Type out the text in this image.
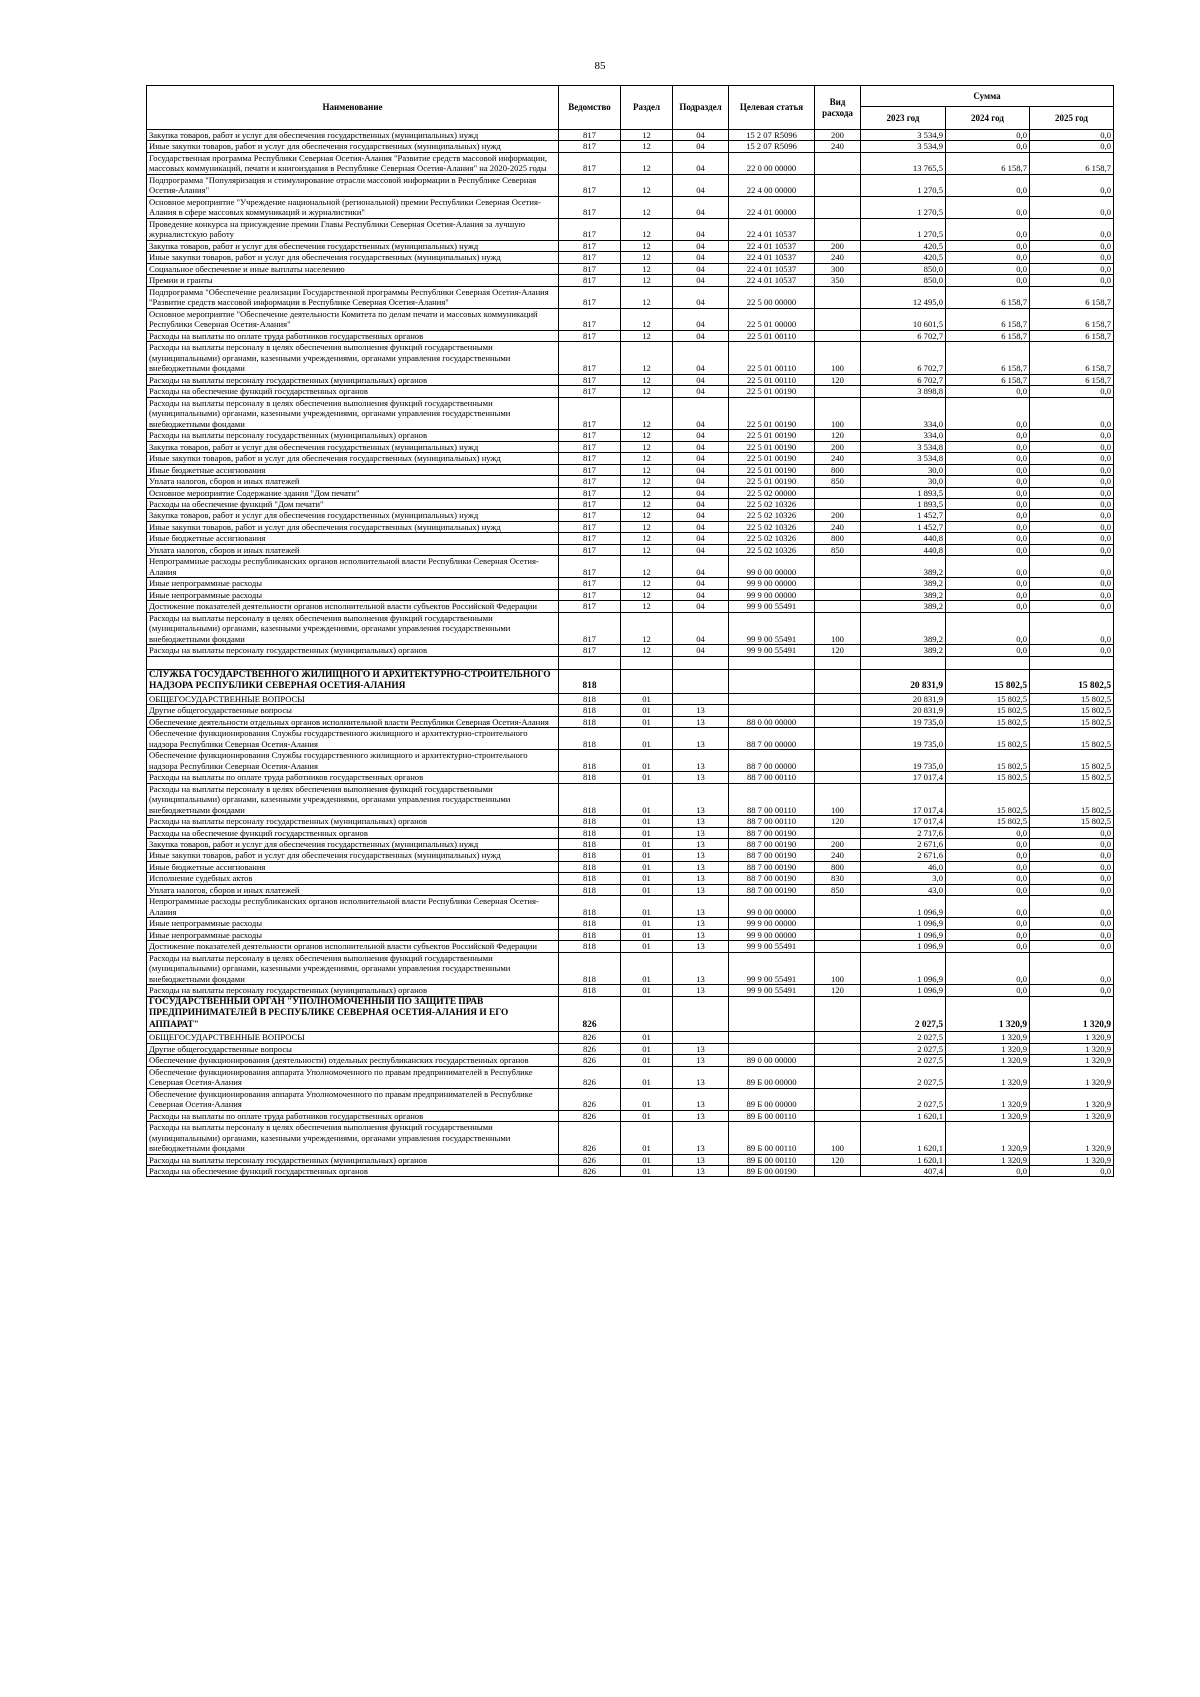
85
Наименование	Ведомство	Раздел	Подраздел	Целевая статья	Вид расхода	Сумма		
						2023 год	2024 год	2025 год
Закупка товаров, работ и услуг для обеспечения государственных (муниципальных) нужд	817	12	04	15 2 07 R5096	200	3 534,9	0,0	0,0
Иные закупки товаров, работ и услуг для обеспечения государственных (муниципальных) нужд	817	12	04	15 2 07 R5096	240	3 534,9	0,0	0,0
Государственная программа Республики Северная Осетия-Алания "Развитие средств массовой информации, массовых коммуникаций, печати и книгоиздания в Республике Северная Осетия-Алания" на 2020-2025 годы	817	12	04	22 0 00 00000		13 765,5	6 158,7	6 158,7
Подпрограмма "Популяризация и стимулирование отрасли массовой информации в Республике Северная Осетия-Алания"	817	12	04	22 4 00 00000		1 270,5	0,0	0,0
Основное мероприятие "Учреждение национальной (региональной) премии Республики Северная Осетия-Алания в сфере массовых коммуникаций и журналистики"	817	12	04	22 4 01 00000		1 270,5	0,0	0,0
Проведение конкурса на присуждение премии Главы Республики Северная Осетия-Алания за лучшую журналистскую работу	817	12	04	22 4 01 10537		1 270,5	0,0	0,0
Закупка товаров, работ и услуг для обеспечения государственных (муниципальных) нужд	817	12	04	22 4 01 10537	200	420,5	0,0	0,0
Иные закупки товаров, работ и услуг для обеспечения государственных (муниципальных) нужд	817	12	04	22 4 01 10537	240	420,5	0,0	0,0
Социальное обеспечение и иные выплаты населению	817	12	04	22 4 01 10537	300	850,0	0,0	0,0
Премии и гранты	817	12	04	22 4 01 10537	350	850,0	0,0	0,0
Подпрограмма "Обеспечение реализации Государственной программы Республики Северная Осетия-Алания "Развитие средств массовой информации в Республике Северная Осетия-Алания"	817	12	04	22 5 00 00000		12 495,0	6 158,7	6 158,7
Основное мероприятие "Обеспечение деятельности Комитета по делам печати и массовых коммуникаций Республики Северная Осетия-Алания"	817	12	04	22 5 01 00000		10 601,5	6 158,7	6 158,7
Расходы на выплаты по оплате труда работников государственных органов	817	12	04	22 5 01 00110		6 702,7	6 158,7	6 158,7
Расходы на выплаты персоналу в целях обеспечения выполнения функций государственными (муниципальными) органами, казенными учреждениями, органами управления государственными внебюджетными фондами	817	12	04	22 5 01 00110	100	6 702,7	6 158,7	6 158,7
Расходы на выплаты персоналу государственных (муниципальных) органов	817	12	04	22 5 01 00110	120	6 702,7	6 158,7	6 158,7
Расходы на обеспечение функций государственных органов	817	12	04	22 5 01 00190		3 898,8	0,0	0,0
Расходы на выплаты персоналу в целях обеспечения выполнения функций государственными (муниципальными) органами, казенными учреждениями, органами управления государственными внебюджетными фондами	817	12	04	22 5 01 00190	100	334,0	0,0	0,0
Расходы на выплаты персоналу государственных (муниципальных) органов	817	12	04	22 5 01 00190	120	334,0	0,0	0,0
Закупка товаров, работ и услуг для обеспечения государственных (муниципальных) нужд	817	12	04	22 5 01 00190	200	3 534,8	0,0	0,0
Иные закупки товаров, работ и услуг для обеспечения государственных (муниципальных) нужд	817	12	04	22 5 01 00190	240	3 534,8	0,0	0,0
Иные бюджетные ассигнования	817	12	04	22 5 01 00190	800	30,0	0,0	0,0
Уплата налогов, сборов и иных платежей	817	12	04	22 5 01 00190	850	30,0	0,0	0,0
Основное мероприятие Содержание здания "Дом печати"	817	12	04	22 5 02 00000		1 893,5	0,0	0,0
Расходы на обеспечение функций "Дом печати"	817	12	04	22 5 02 10326		1 893,5	0,0	0,0
Закупка товаров, работ и услуг для обеспечения государственных (муниципальных) нужд	817	12	04	22 5 02 10326	200	1 452,7	0,0	0,0
Иные закупки товаров, работ и услуг для обеспечения государственных (муниципальных) нужд	817	12	04	22 5 02 10326	240	1 452,7	0,0	0,0
Иные бюджетные ассигнования	817	12	04	22 5 02 10326	800	440,8	0,0	0,0
Уплата налогов, сборов и иных платежей	817	12	04	22 5 02 10326	850	440,8	0,0	0,0
Непрограммные расходы республиканских органов исполнительной власти Республики Северная Осетия-Алания	817	12	04	99 0 00 00000		389,2	0,0	0,0
Иные непрограммные расходы	817	12	04	99 9 00 00000		389,2	0,0	0,0
Иные непрограммные расходы	817	12	04	99 9 00 00000		389,2	0,0	0,0
Достижение показателей деятельности органов исполнительной власти субъектов Российской Федерации	817	12	04	99 9 00 55491		389,2	0,0	0,0
Расходы на выплаты персоналу в целях обеспечения выполнения функций государственными (муниципальными) органами, казенными учреждениями, органами управления государственными внебюджетными фондами	817	12	04	99 9 00 55491	100	389,2	0,0	0,0
Расходы на выплаты персоналу государственных (муниципальных) органов	817	12	04	99 9 00 55491	120	389,2	0,0	0,0

СЛУЖБА ГОСУДАРСТВЕННОГО ЖИЛИЩНОГО И АРХИТЕКТУРНО-СТРОИТЕЛЬНОГО НАДЗОРА РЕСПУБЛИКИ СЕВЕРНАЯ ОСЕТИЯ-АЛАНИЯ	818					20 831,9	15 802,5	15 802,5
ОБЩЕГОСУДАРСТВЕННЫЕ ВОПРОСЫ	818	01				20 831,9	15 802,5	15 802,5
Другие общегосударственные вопросы	818	01	13			20 831,9	15 802,5	15 802,5
Обеспечение деятельности отдельных органов исполнительной власти Республики Северная Осетия-Алания	818	01	13	88 0 00 00000		19 735,0	15 802,5	15 802,5
Обеспечение функционирования Службы государственного жилищного и архитектурно-строительного надзора Республики Северная Осетия-Алания	818	01	13	88 7 00 00000		19 735,0	15 802,5	15 802,5
Обеспечение функционирования Службы государственного жилищного и архитектурно-строительного надзора Республики Северная Осетия-Алания	818	01	13	88 7 00 00000		19 735,0	15 802,5	15 802,5
Расходы на выплаты по оплате труда работников государственных органов	818	01	13	88 7 00 00110		17 017,4	15 802,5	15 802,5
Расходы на выплаты персоналу в целях обеспечения выполнения функций государственными (муниципальными) органами, казенными учреждениями, органами управления государственными внебюджетными фондами	818	01	13	88 7 00 00110	100	17 017,4	15 802,5	15 802,5
Расходы на выплаты персоналу государственных (муниципальных) органов	818	01	13	88 7 00 00110	120	17 017,4	15 802,5	15 802,5
Расходы на обеспечение функций государственных органов	818	01	13	88 7 00 00190		2 717,6	0,0	0,0
Закупка товаров, работ и услуг для обеспечения государственных (муниципальных) нужд	818	01	13	88 7 00 00190	200	2 671,6	0,0	0,0
Иные закупки товаров, работ и услуг для обеспечения государственных (муниципальных) нужд	818	01	13	88 7 00 00190	240	2 671,6	0,0	0,0
Иные бюджетные ассигнования	818	01	13	88 7 00 00190	800	46,0	0,0	0,0
Исполнение судебных актов	818	01	13	88 7 00 00190	830	3,0	0,0	0,0
Уплата налогов, сборов и иных платежей	818	01	13	88 7 00 00190	850	43,0	0,0	0,0
Непрограммные расходы республиканских органов исполнительной власти Республики Северная Осетия-Алания	818	01	13	99 0 00 00000		1 096,9	0,0	0,0
Иные непрограммные расходы	818	01	13	99 9 00 00000		1 096,9	0,0	0,0
Иные непрограммные расходы	818	01	13	99 9 00 00000		1 096,9	0,0	0,0
Достижение показателей деятельности органов исполнительной власти субъектов Российской Федерации	818	01	13	99 9 00 55491		1 096,9	0,0	0,0
Расходы на выплаты персоналу в целях обеспечения выполнения функций государственными (муниципальными) органами, казенными учреждениями, органами управления государственными внебюджетными фондами	818	01	13	99 9 00 55491	100	1 096,9	0,0	0,0
Расходы на выплаты персоналу государственных (муниципальных) органов	818	01	13	99 9 00 55491	120	1 096,9	0,0	0,0
ГОСУДАРСТВЕННЫЙ ОРГАН "УПОЛНОМОЧЕННЫЙ ПО ЗАЩИТЕ ПРАВ ПРЕДПРИНИМАТЕЛЕЙ В РЕСПУБЛИКЕ СЕВЕРНАЯ ОСЕТИЯ-АЛАНИЯ И ЕГО АППАРАТ"	826					2 027,5	1 320,9	1 320,9
ОБЩЕГОСУДАРСТВЕННЫЕ ВОПРОСЫ	826	01				2 027,5	1 320,9	1 320,9
Другие общегосударственные вопросы	826	01	13			2 027,5	1 320,9	1 320,9
Обеспечение функционирования (деятельности) отдельных республиканских государственных органов	826	01	13	89 0 00 00000		2 027,5	1 320,9	1 320,9
Обеспечение функционирования аппарата Уполномоченного по правам предпринимателей в Республике Северная Осетия-Алания	826	01	13	89 Б 00 00000		2 027,5	1 320,9	1 320,9
Обеспечение функционирования аппарата Уполномоченного по правам предпринимателей в Республике Северная Осетия-Алания	826	01	13	89 Б 00 00000		2 027,5	1 320,9	1 320,9
Расходы на выплаты по оплате труда работников государственных органов	826	01	13	89 Б 00 00110		1 620,1	1 320,9	1 320,9
Расходы на выплаты персоналу в целях обеспечения выполнения функций государственными (муниципальными) органами, казенными учреждениями, органами управления государственными внебюджетными фондами	826	01	13	89 Б 00 00110	100	1 620,1	1 320,9	1 320,9
Расходы на выплаты персоналу государственных (муниципальных) органов	826	01	13	89 Б 00 00110	120	1 620,1	1 320,9	1 320,9
Расходы на обеспечение функций государственных органов	826	01	13	89 Б 00 00190		407,4	0,0	0,0
